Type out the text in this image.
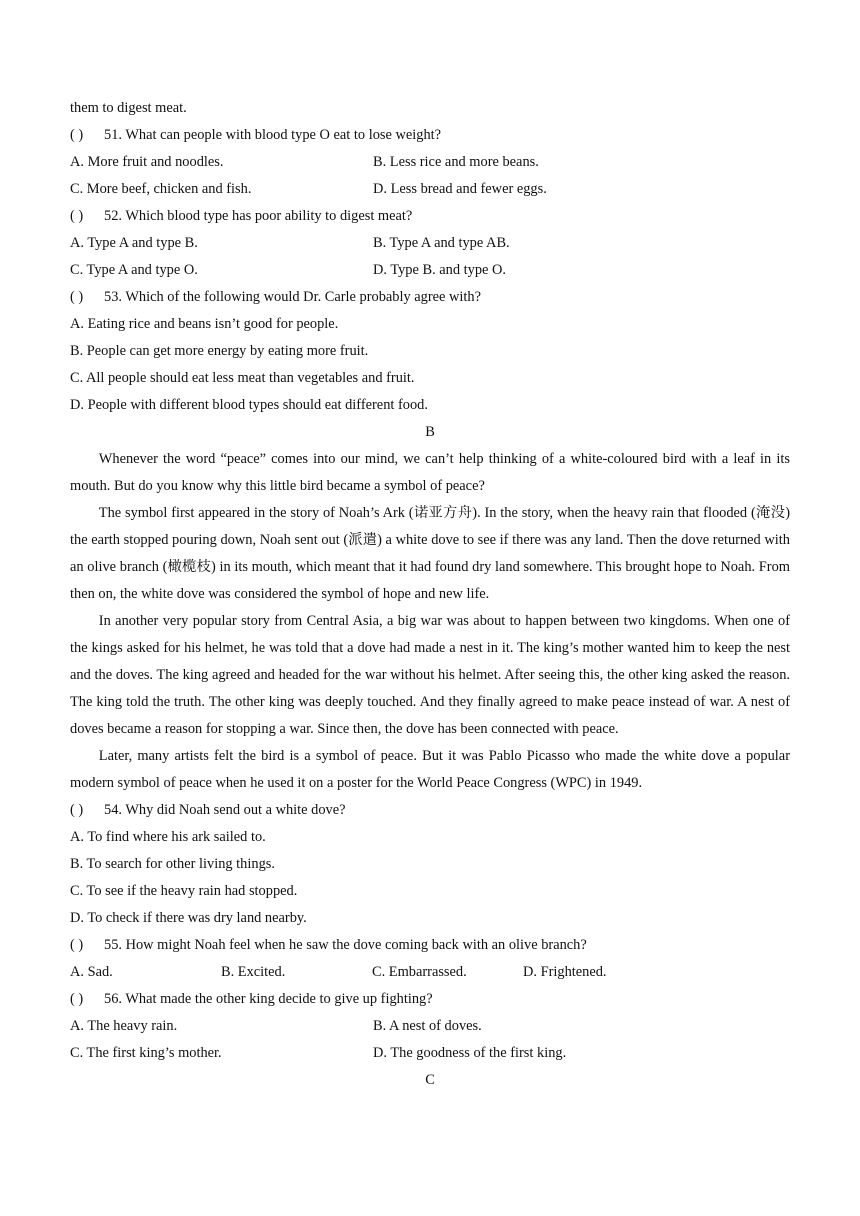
them to digest meat.
( ) 51. What can people with blood type O eat to lose weight?
A. More fruit and noodles.	B. Less rice and more beans.
C. More beef, chicken and fish.	D. Less bread and fewer eggs.
( ) 52. Which blood type has poor ability to digest meat?
A. Type A and type B.	B. Type A and type AB.
C. Type A and type O.	D. Type B. and type O.
( ) 53. Which of the following would Dr. Carle probably agree with?
A. Eating rice and beans isn’t good for people.
B. People can get more energy by eating more fruit.
C. All people should eat less meat than vegetables and fruit.
D. People with different blood types should eat different food.
B
Whenever the word “peace” comes into our mind, we can’t help thinking of a white-coloured bird with a leaf in its mouth. But do you know why this little bird became a symbol of peace?
The symbol first appeared in the story of Noah’s Ark (诺亚方舟). In the story, when the heavy rain that flooded (淹没) the earth stopped pouring down, Noah sent out (派遣) a white dove to see if there was any land. Then the dove returned with an olive branch (橄榄枝) in its mouth, which meant that it had found dry land somewhere. This brought hope to Noah. From then on, the white dove was considered the symbol of hope and new life.
In another very popular story from Central Asia, a big war was about to happen between two kingdoms. When one of the kings asked for his helmet, he was told that a dove had made a nest in it. The king’s mother wanted him to keep the nest and the doves. The king agreed and headed for the war without his helmet. After seeing this, the other king asked the reason. The king told the truth. The other king was deeply touched. And they finally agreed to make peace instead of war. A nest of doves became a reason for stopping a war. Since then, the dove has been connected with peace.
Later, many artists felt the bird is a symbol of peace. But it was Pablo Picasso who made the white dove a popular modern symbol of peace when he used it on a poster for the World Peace Congress (WPC) in 1949.
( ) 54. Why did Noah send out a white dove?
A. To find where his ark sailed to.
B. To search for other living things.
C. To see if the heavy rain had stopped.
D. To check if there was dry land nearby.
( ) 55. How might Noah feel when he saw the dove coming back with an olive branch?
A. Sad.	B. Excited.	C. Embarrassed.	D. Frightened.
( ) 56. What made the other king decide to give up fighting?
A. The heavy rain.	B. A nest of doves.
C. The first king’s mother.	D. The goodness of the first king.
C
